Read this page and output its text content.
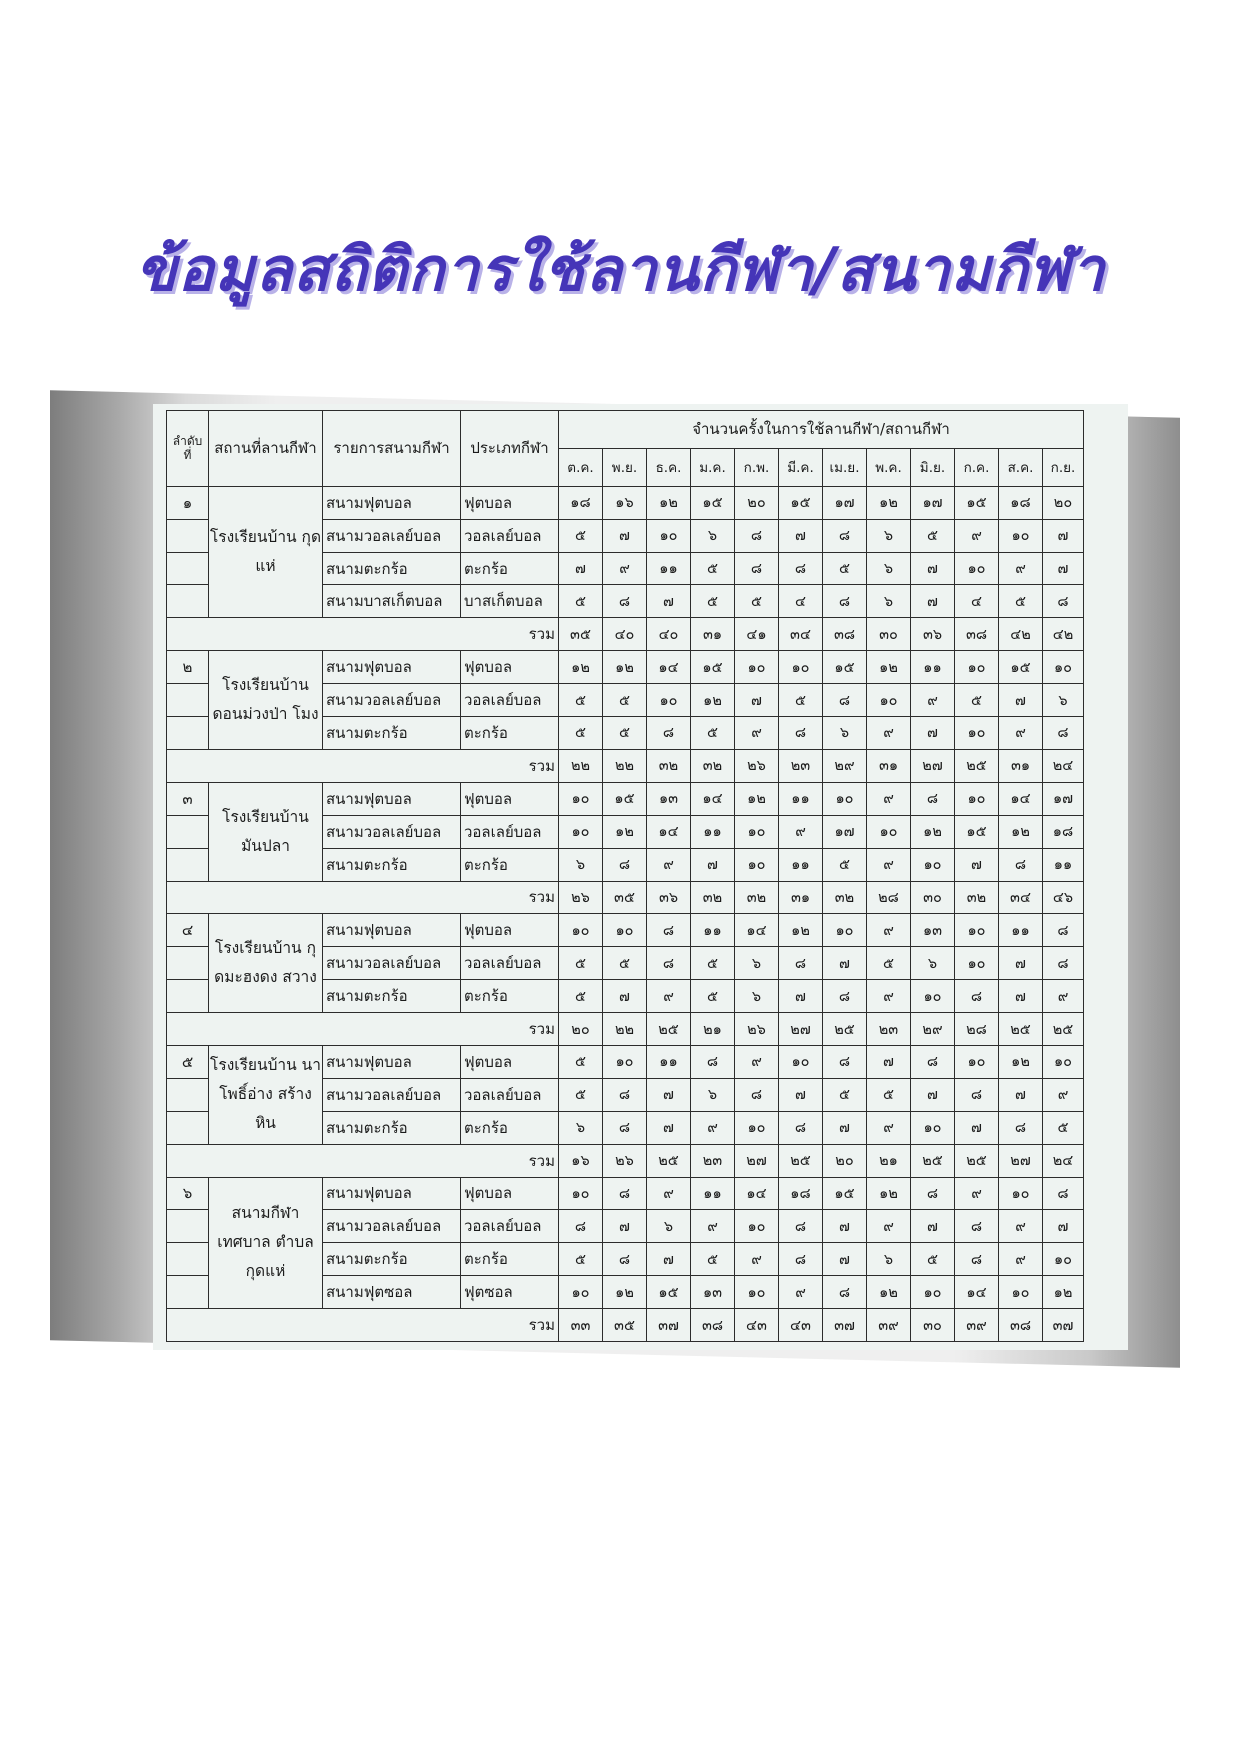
ข้อมูลสถิติการใช้ลานกีฬา/สนามกีฬา
ลำดับ ที่	สถานที่ลานกีฬา	รายการสนามกีฬา	ประเภทกีฬา	จำนวนครั้งในการใช้ลานกีฬา/สถานกีฬา											
				ต.ค.	พ.ย.	ธ.ค.	ม.ค.	ก.พ.	มี.ค.	เม.ย.	พ.ค.	มิ.ย.	ก.ค.	ส.ค.	ก.ย.
๑	โรงเรียนบ้าน กุดแห่	สนามฟุตบอล	ฟุตบอล	๑๘	๑๖	๑๒	๑๕	๒๐	๑๕	๑๗	๑๒	๑๗	๑๕	๑๘	๒๐
		สนามวอลเลย์บอล	วอลเลย์บอล	๕	๗	๑๐	๖	๘	๗	๘	๖	๕	๙	๑๐	๗
		สนามตะกร้อ	ตะกร้อ	๗	๙	๑๑	๕	๘	๘	๕	๖	๗	๑๐	๙	๗
		สนามบาสเก็ตบอล	บาสเก็ตบอล	๕	๘	๗	๕	๕	๔	๘	๖	๗	๔	๕	๘
รวม				๓๕	๔๐	๔๐	๓๑	๔๑	๓๔	๓๘	๓๐	๓๖	๓๘	๔๒	๔๒
๒	โรงเรียนบ้าน ดอนม่วงป่า โมง	สนามฟุตบอล	ฟุตบอล	๑๒	๑๒	๑๔	๑๕	๑๐	๑๐	๑๕	๑๒	๑๑	๑๐	๑๕	๑๐
		สนามวอลเลย์บอล	วอลเลย์บอล	๕	๕	๑๐	๑๒	๗	๕	๘	๑๐	๙	๕	๗	๖
		สนามตะกร้อ	ตะกร้อ	๕	๕	๘	๕	๙	๘	๖	๙	๗	๑๐	๙	๘
รวม				๒๒	๒๒	๓๒	๓๒	๒๖	๒๓	๒๙	๓๑	๒๗	๒๕	๓๑	๒๔
๓	โรงเรียนบ้าน มันปลา	สนามฟุตบอล	ฟุตบอล	๑๐	๑๕	๑๓	๑๔	๑๒	๑๑	๑๐	๙	๘	๑๐	๑๔	๑๗
		สนามวอลเลย์บอล	วอลเลย์บอล	๑๐	๑๒	๑๔	๑๑	๑๐	๙	๑๗	๑๐	๑๒	๑๕	๑๒	๑๘
		สนามตะกร้อ	ตะกร้อ	๖	๘	๙	๗	๑๐	๑๑	๕	๙	๑๐	๗	๘	๑๑
รวม				๒๖	๓๕	๓๖	๓๒	๓๒	๓๑	๓๒	๒๘	๓๐	๓๒	๓๔	๔๖
๔	โรงเรียนบ้าน กุดมะฮงดง สวาง	สนามฟุตบอล	ฟุตบอล	๑๐	๑๐	๘	๑๑	๑๔	๑๒	๑๐	๙	๑๓	๑๐	๑๑	๘
		สนามวอลเลย์บอล	วอลเลย์บอล	๕	๕	๘	๕	๖	๘	๗	๕	๖	๑๐	๗	๘
		สนามตะกร้อ	ตะกร้อ	๕	๗	๙	๕	๖	๗	๘	๙	๑๐	๘	๗	๙
รวม				๒๐	๒๒	๒๕	๒๑	๒๖	๒๗	๒๕	๒๓	๒๙	๒๘	๒๕	๒๕
๕	โรงเรียนบ้าน นาโพธิ์อ่าง สร้างหิน	สนามฟุตบอล	ฟุตบอล	๕	๑๐	๑๑	๘	๙	๑๐	๘	๗	๘	๑๐	๑๒	๑๐
		สนามวอลเลย์บอล	วอลเลย์บอล	๕	๘	๗	๖	๘	๗	๕	๕	๗	๘	๗	๙
		สนามตะกร้อ	ตะกร้อ	๖	๘	๗	๙	๑๐	๘	๗	๙	๑๐	๗	๘	๕
รวม				๑๖	๒๖	๒๕	๒๓	๒๗	๒๕	๒๐	๒๑	๒๕	๒๕	๒๗	๒๔
๖	สนามกีฬา เทศบาล ตำบลกุดแห่	สนามฟุตบอล	ฟุตบอล	๑๐	๘	๙	๑๑	๑๔	๑๘	๑๕	๑๒	๘	๙	๑๐	๘
		สนามวอลเลย์บอล	วอลเลย์บอล	๘	๗	๖	๙	๑๐	๘	๗	๙	๗	๘	๙	๗
		สนามตะกร้อ	ตะกร้อ	๕	๘	๗	๕	๙	๘	๗	๖	๕	๘	๙	๑๐
		สนามฟุตซอล	ฟุตซอล	๑๐	๑๒	๑๕	๑๓	๑๐	๙	๘	๑๒	๑๐	๑๔	๑๐	๑๒
รวม				๓๓	๓๕	๓๗	๓๘	๔๓	๔๓	๓๗	๓๙	๓๐	๓๙	๓๘	๓๗
